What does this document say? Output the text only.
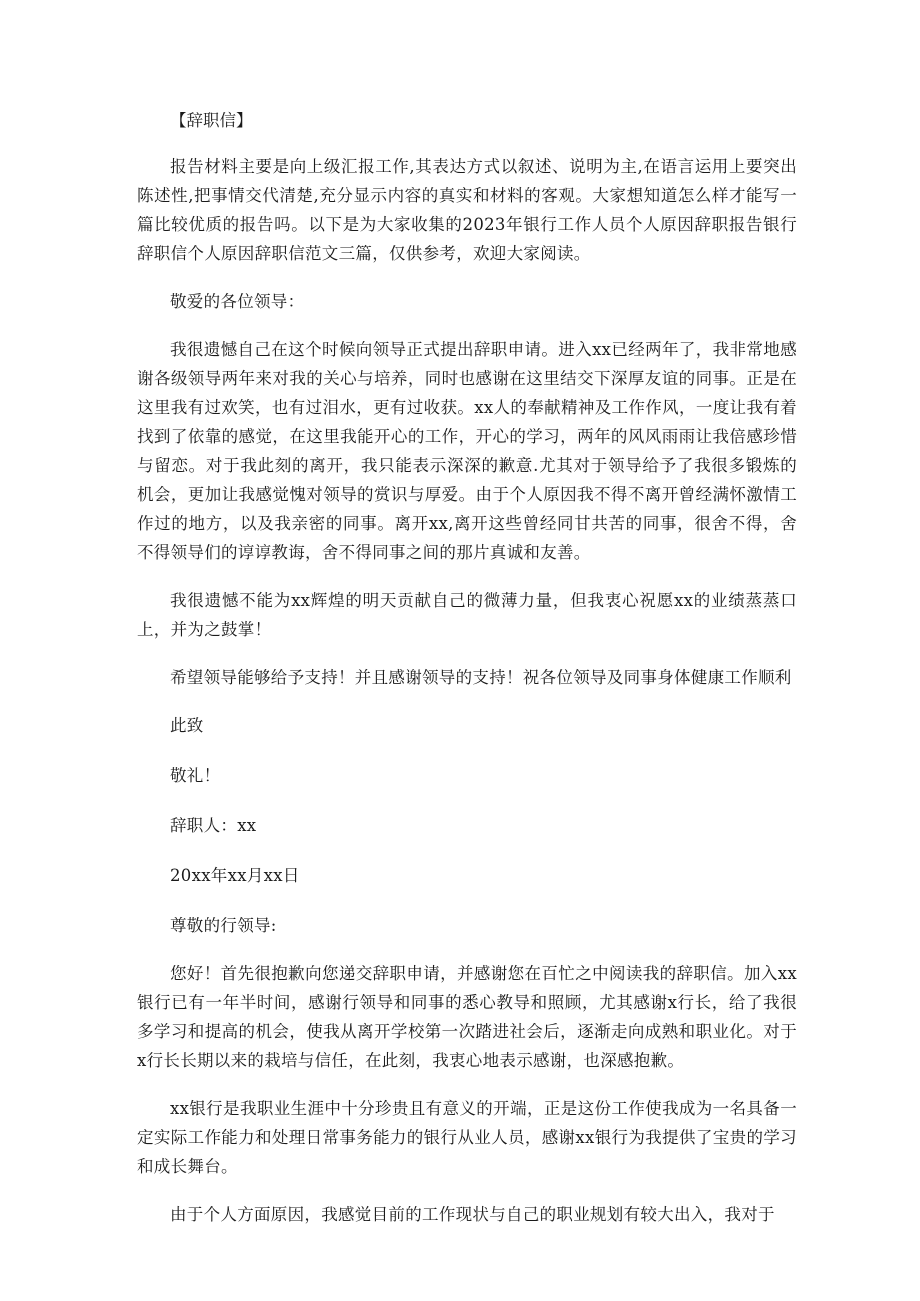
【辞职信】

报告材料主要是向上级汇报工作,其表达方式以叙述、说明为主,在语言运用上要突出陈述性,把事情交代清楚,充分显示内容的真实和材料的客观。大家想知道怎么样才能写一篇比较优质的报告吗。以下是为大家收集的2023年银行工作人员个人原因辞职报告银行辞职信个人原因辞职信范文三篇，仅供参考，欢迎大家阅读。

敬爱的各位领导：

我很遗憾自己在这个时候向领导正式提出辞职申请。进入xx已经两年了，我非常地感谢各级领导两年来对我的关心与培养，同时也感谢在这里结交下深厚友谊的同事。正是在这里我有过欢笑，也有过泪水，更有过收获。xx人的奉献精神及工作作风，一度让我有着找到了依靠的感觉，在这里我能开心的工作，开心的学习，两年的风风雨雨让我倍感珍惜与留恋。对于我此刻的离开，我只能表示深深的歉意.尤其对于领导给予了我很多锻炼的机会，更加让我感觉愧对领导的赏识与厚爱。由于个人原因我不得不离开曾经满怀激情工作过的地方，以及我亲密的同事。离开xx,离开这些曾经同甘共苦的同事，很舍不得，舍不得领导们的谆谆教诲，舍不得同事之间的那片真诚和友善。

我很遗憾不能为xx辉煌的明天贡献自己的微薄力量，但我衷心祝愿xx的业绩蒸蒸口上，并为之鼓掌！

希望领导能够给予支持！并且感谢领导的支持！祝各位领导及同事身体健康工作顺利

此致

敬礼！

辞职人：xx

20xx年xx月xx日

尊敬的行领导:

您好！首先很抱歉向您递交辞职申请，并感谢您在百忙之中阅读我的辞职信。加入xx银行已有一年半时间，感谢行领导和同事的悉心教导和照顾，尤其感谢x行长，给了我很多学习和提高的机会，使我从离开学校第一次踏进社会后，逐渐走向成熟和职业化。对于x行长长期以来的栽培与信任，在此刻，我衷心地表示感谢，也深感抱歉。

xx银行是我职业生涯中十分珍贵且有意义的开端，正是这份工作使我成为一名具备一定实际工作能力和处理日常事务能力的银行从业人员，感谢xx银行为我提供了宝贵的学习和成长舞台。

由于个人方面原因，我感觉目前的工作现状与自己的职业规划有较大出入，我对于
